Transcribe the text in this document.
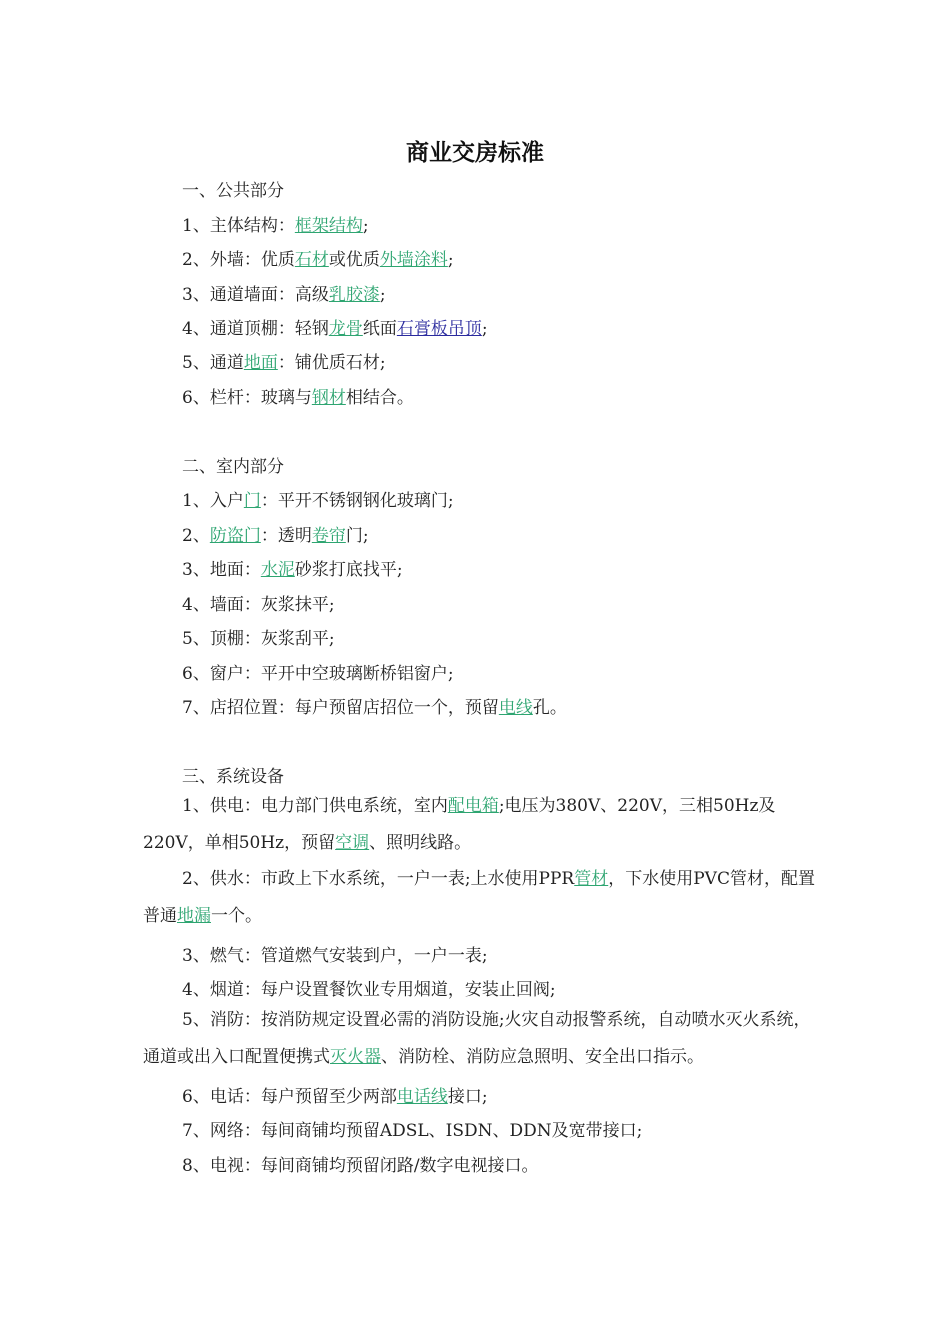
商业交房标准
一、公共部分
1、主体结构：框架结构;
2、外墙：优质石材或优质外墙涂料;
3、通道墙面：高级乳胶漆;
4、通道顶棚：轻钢龙骨纸面石膏板吊顶;
5、通道地面：铺优质石材;
6、栏杆：玻璃与钢材相结合。
二、室内部分
1、入户门：平开不锈钢钢化玻璃门;
2、防盗门：透明卷帘门;
3、地面：水泥砂浆打底找平;
4、墙面：灰浆抹平;
5、顶棚：灰浆刮平;
6、窗户：平开中空玻璃断桥铝窗户;
7、店招位置：每户预留店招位一个，预留电线孔。
三、系统设备
1、供电：电力部门供电系统，室内配电箱;电压为380V、220V，三相50Hz及220V，单相50Hz，预留空调、照明线路。
2、供水：市政上下水系统，一户一表;上水使用PPR管材，下水使用PVC管材，配置普通地漏一个。
3、燃气：管道燃气安装到户，一户一表;
4、烟道：每户设置餐饮业专用烟道，安装止回阀;
5、消防：按消防规定设置必需的消防设施;火灾自动报警系统，自动喷水灭火系统，通道或出入口配置便携式灭火器、消防栓、消防应急照明、安全出口指示。
6、电话：每户预留至少两部电话线接口;
7、网络：每间商铺均预留ADSL、ISDN、DDN及宽带接口;
8、电视：每间商铺均预留闭路/数字电视接口。
